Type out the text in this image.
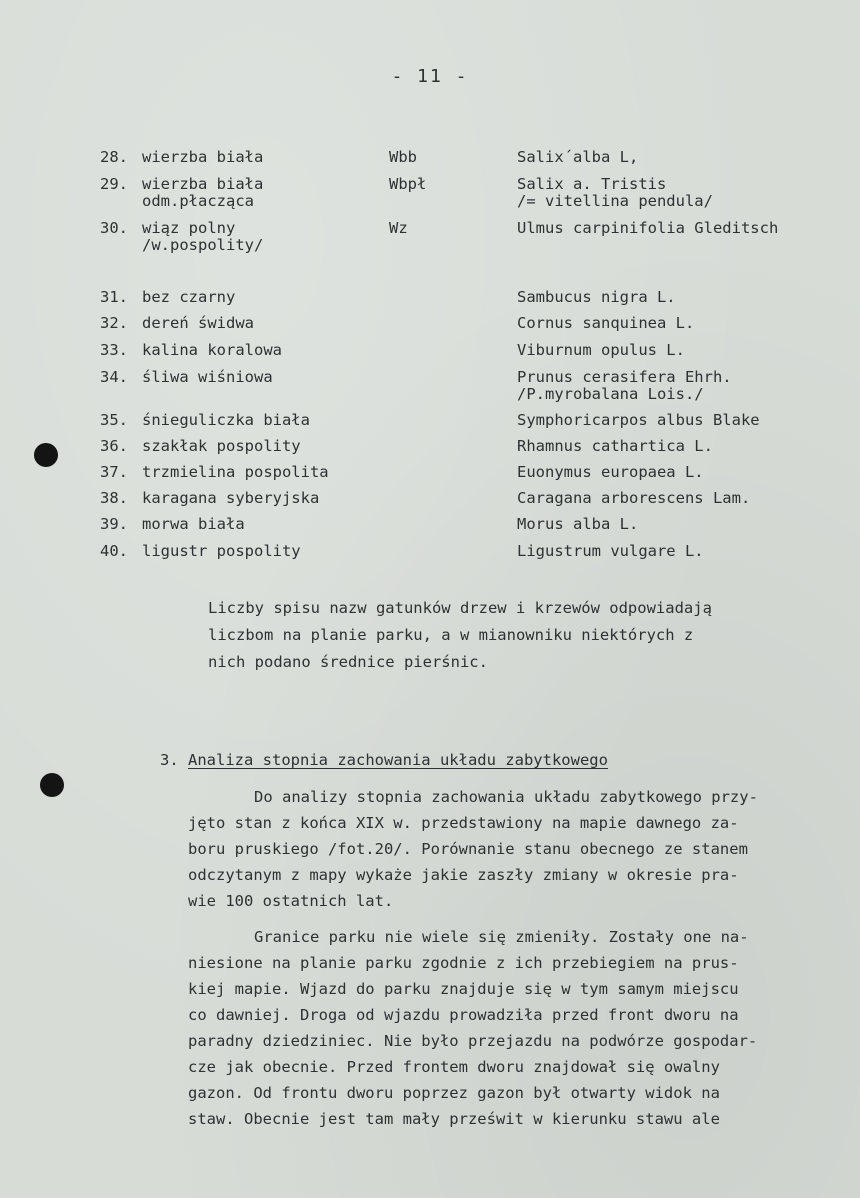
- 11 -
28. wierzba biała	Wbb	Salix´alba L,
29. wierzba biała
odm.płacząca
Wbpł	Salix a. Tristis
/= vitellina pendula/
30. wiąz polny
/w.pospolity/
Wz	Ulmus carpinifolia Gleditsch
31. bez czarny	Sambucus nigra L.
32. dereń świdwa	Cornus sanquinea L.
33. kalina koralowa	Viburnum opulus L.
34. śliwa wiśniowa	Prunus cerasifera Ehrh.
/P.myrobalana Lois./
35. śnieguliczka biała	Symphoricarpos albus Blake
36. szakłak pospolity	Rhamnus cathartica L.
37. trzmielina pospolita	Euonymus europaea L.
38. karagana syberyjska	Caragana arborescens Lam.
39. morwa biała	Morus alba L.
40. ligustr pospolity	Ligustrum vulgare L.

Liczby spisu nazw gatunków drzew i krzewów odpowiadają

liczbom na planie parku, a w mianowniku niektórych z

nich podano średnice pierśnic.

3. Analiza stopnia zachowania układu zabytkowego
Do analizy stopnia zachowania układu zabytkowego przy-
jęto stan z końca XIX w. przedstawiony na mapie dawnego za-
boru pruskiego /fot.20/. Porównanie stanu obecnego ze stanem
odczytanym z mapy wykaże jakie zaszły zmiany w okresie pra-
wie 100 ostatnich lat.
Granice parku nie wiele się zmieniły. Zostały one na-
niesione na planie parku zgodnie z ich przebiegiem na prus-
kiej mapie. Wjazd do parku znajduje się w tym samym miejscu
co dawniej. Droga od wjazdu prowadziła przed front dworu na
paradny dziedziniec. Nie było przejazdu na podwórze gospodar-
cze jak obecnie. Przed frontem dworu znajdował się owalny
gazon. Od frontu dworu poprzez gazon był otwarty widok na
staw. Obecnie jest tam mały prześwit w kierunku stawu ale
